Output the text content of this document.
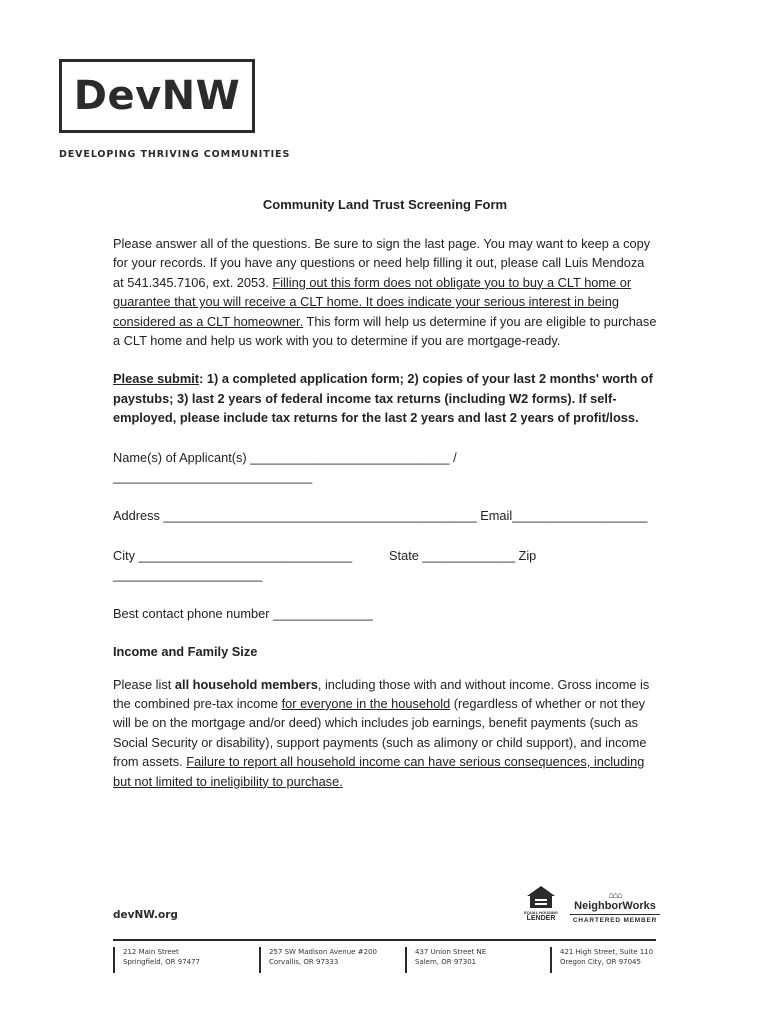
DevNW
DEVELOPING THRIVING COMMUNITIES
Community Land Trust Screening Form

Please answer all of the questions. Be sure to sign the last page. You may want to keep a copy for your records. If you have any questions or need help filling it out, please call Luis Mendoza at 541.345.7106, ext. 2053. Filling out this form does not obligate you to buy a CLT home or guarantee that you will receive a CLT home. It does indicate your serious interest in being considered as a CLT homeowner. This form will help us determine if you are eligible to purchase a CLT home and help us work with you to determine if you are mortgage-ready.

Please submit: 1) a completed application form; 2) copies of your last 2 months' worth of paystubs; 3) last 2 years of federal income tax returns (including W2 forms). If self-employed, please include tax returns for the last 2 years and last 2 years of profit/loss.

Name(s) of Applicant(s) ____________________________ / ____________________________

Address ____________________________________________ Email___________________

City ______________________________	State _____________ Zip

_____________________

Best contact phone number ______________

Income and Family Size

Please list all household members, including those with and without income. Gross income is the combined pre-tax income for everyone in the household (regardless of whether or not they will be on the mortgage and/or deed) which includes job earnings, benefit payments (such as Social Security or disability), support payments (such as alimony or child support), and income from assets. Failure to report all household income can have serious consequences, including but not limited to ineligibility to purchase.

devNW.org	EQUAL HOUSING
LENDER
⌂⌂⌂
NeighborWorks
CHARTERED MEMBER
212 Main Street
Springfield, OR 97477
257 SW Madison Avenue #200
Corvallis, OR 97333
437 Union Street NE
Salem, OR 97301
421 High Street, Suite 110
Oregon City, OR 97045
